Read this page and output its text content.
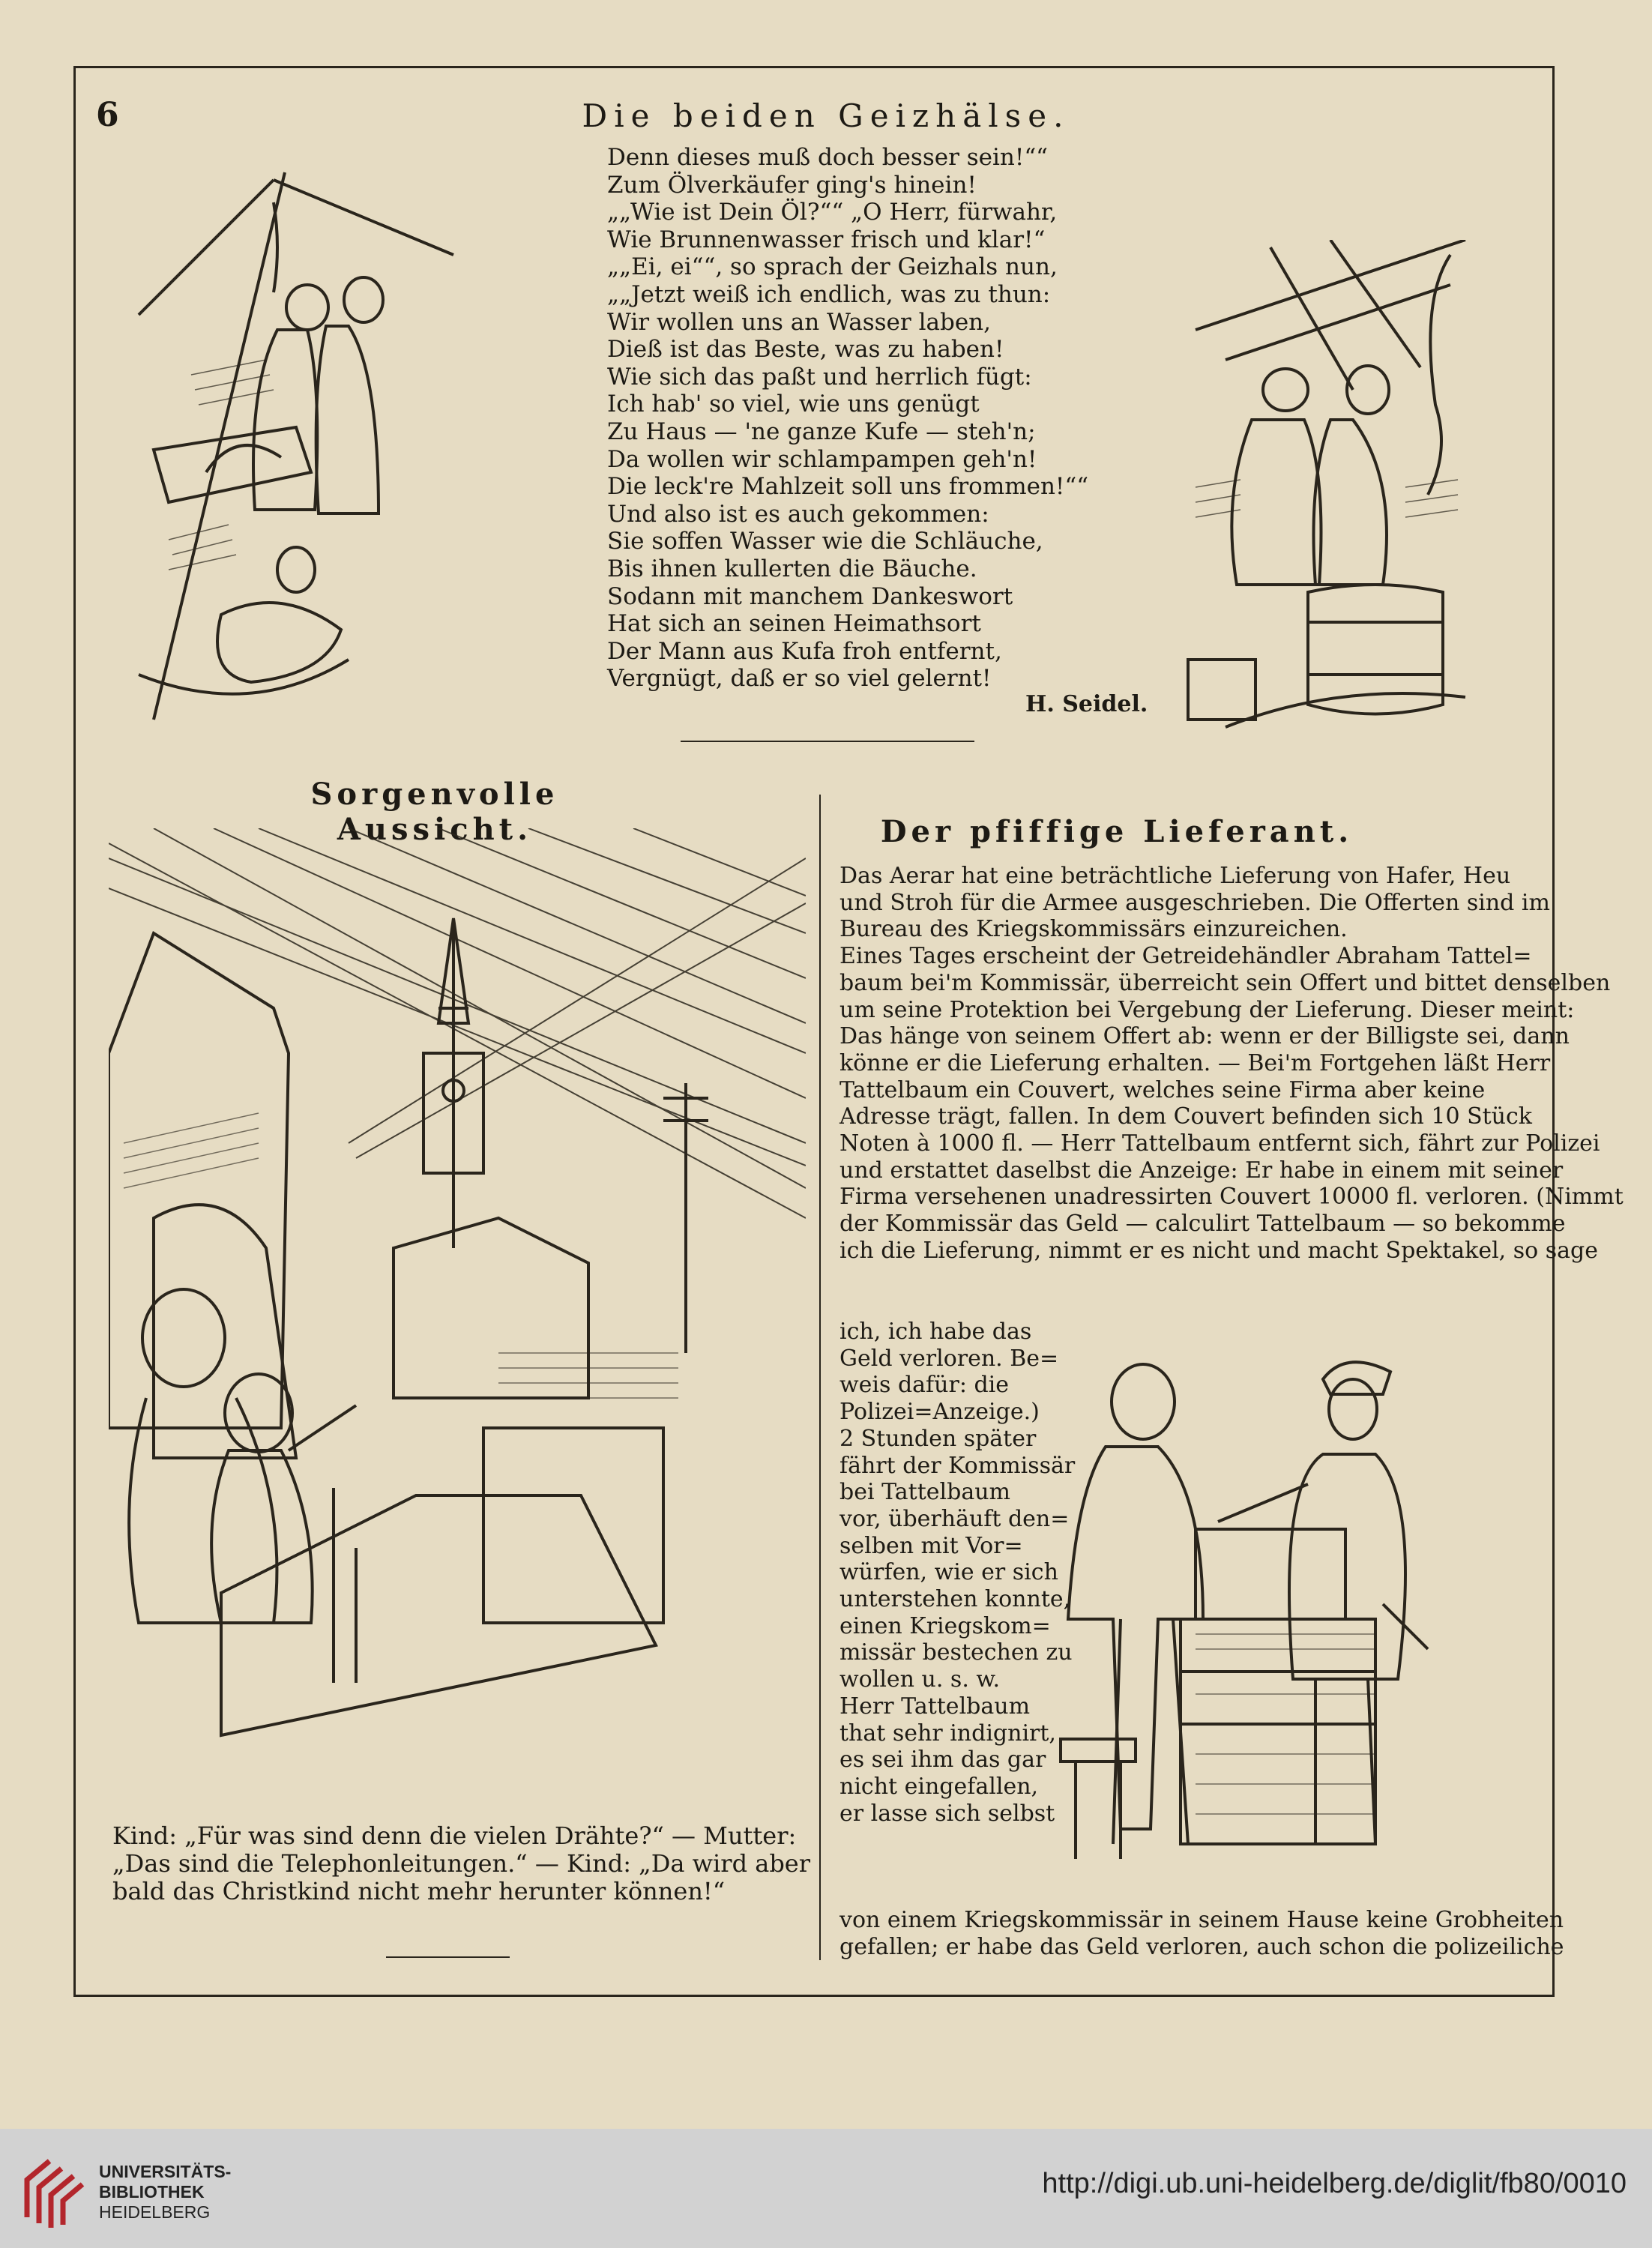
6	Die beiden Geizhälse.
Denn dieses muß doch besser sein!““
Zum Ölverkäufer ging's hinein!
„„Wie ist Dein Öl?““ „O Herr, fürwahr,
Wie Brunnenwasser frisch und klar!“
„„Ei, ei““, so sprach der Geizhals nun,
„„Jetzt weiß ich endlich, was zu thun:
Wir wollen uns an Wasser laben,
Dieß ist das Beste, was zu haben!
Wie sich das paßt und herrlich fügt:
Ich hab' so viel, wie uns genügt
Zu Haus — 'ne ganze Kufe — steh'n;
Da wollen wir schlampampen geh'n!
Die leck're Mahlzeit soll uns frommen!““
Und also ist es auch gekommen:
Sie soffen Wasser wie die Schläuche,
Bis ihnen kullerten die Bäuche.
Sodann mit manchem Dankeswort
Hat sich an seinen Heimathsort
Der Mann aus Kufa froh entfernt,
Vergnügt, daß er so viel gelernt!
H. Seidel.
Sorgenvolle Aussicht.	Der pfiffige Lieferant.
Kind: „Für was sind denn die vielen Drähte?“ — Mutter:
„Das sind die Telephonleitungen.“ — Kind: „Da wird aber
bald das Christkind nicht mehr herunter können!“
Das Aerar hat eine beträchtliche Lieferung von Hafer, Heu
und Stroh für die Armee ausgeschrieben. Die Offerten sind im
Bureau des Kriegskommissärs einzureichen.
Eines Tages erscheint der Getreidehändler Abraham Tattel=
baum bei'm Kommissär, überreicht sein Offert und bittet denselben
um seine Protektion bei Vergebung der Lieferung. Dieser meint:
Das hänge von seinem Offert ab: wenn er der Billigste sei, dann
könne er die Lieferung erhalten. — Bei'm Fortgehen läßt Herr
Tattelbaum ein Couvert, welches seine Firma aber keine
Adresse trägt, fallen. In dem Couvert befinden sich 10 Stück
Noten à 1000 fl. — Herr Tattelbaum entfernt sich, fährt zur Polizei
und erstattet daselbst die Anzeige: Er habe in einem mit seiner
Firma versehenen unadressirten Couvert 10000 fl. verloren. (Nimmt
der Kommissär das Geld — calculirt Tattelbaum — so bekomme
ich die Lieferung, nimmt er es nicht und macht Spektakel, so sage
ich, ich habe das
Geld verloren. Be=
weis dafür: die
Polizei=Anzeige.)
2 Stunden später
fährt der Kommissär
bei Tattelbaum
vor, überhäuft den=
selben mit Vor=
würfen, wie er sich
unterstehen konnte,
einen Kriegskom=
missär bestechen zu
wollen u. s. w.
Herr Tattelbaum
that sehr indignirt,
es sei ihm das gar
nicht eingefallen,
er lasse sich selbst
von einem Kriegskommissär in seinem Hause keine Grobheiten
gefallen; er habe das Geld verloren, auch schon die polizeiliche
UNIVERSITÄTS-
BIBLIOTHEK
HEIDELBERG
http://digi.ub.uni-heidelberg.de/diglit/fb80/0010
